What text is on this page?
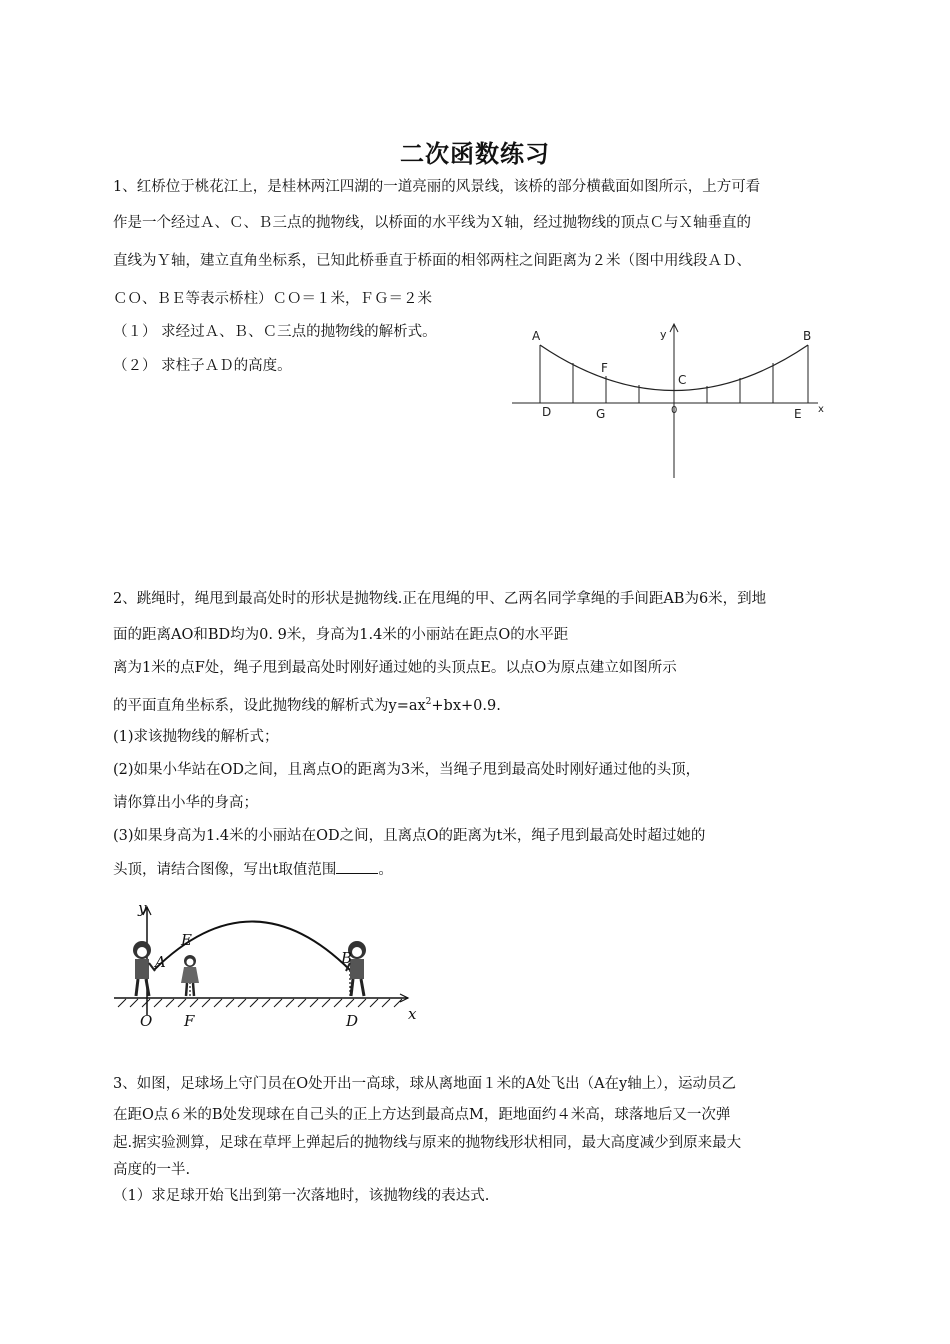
二次函数练习
1、红桥位于桃花江上，是桂林两江四湖的一道亮丽的风景线，该桥的部分横截面如图所示，上方可看
作是一个经过Ａ、Ｃ、Ｂ三点的抛物线，以桥面的水平线为Ｘ轴，经过抛物线的顶点Ｃ与Ｘ轴垂直的
直线为Ｙ轴，建立直角坐标系，已知此桥垂直于桥面的相邻两柱之间距离为２米（图中用线段ＡＤ、
ＣＯ、ＢＥ等表示桥柱）ＣＯ＝１米，ＦＧ＝２米
（１） 求经过Ａ、Ｂ、Ｃ三点的抛物线的解析式。
（２） 求柱子ＡＤ的高度。
A	B
C
F
D	G	E
0	x
y
2、跳绳时，绳甩到最高处时的形状是抛物线.正在甩绳的甲、乙两名同学拿绳的手间距AB为6米，到地
面的距离AO和BD均为0. 9米，身高为1.4米的小丽站在距点O的水平距
离为1米的点F处，绳子甩到最高处时刚好通过她的头顶点E。以点O为原点建立如图所示
的平面直角坐标系，设此抛物线的解析式为$y=ax^2+bx+0.9$.
(1)求该抛物线的解析式；
(2)如果小华站在OD之间，且离点O的距离为3米，当绳子甩到最高处时刚好通过他的头顶，
请你算出小华的身高；
(3)如果身高为1.4米的小丽站在OD之间，且离点O的距离为t米，绳子甩到最高处时超过她的
头顶，请结合图像，写出t取值范围	。
y
x
A	B
E
O F	D
3、如图，足球场上守门员在O处开出一高球，球从离地面１米的A处飞出（A在y轴上），运动员乙
在距O点６米的B处发现球在自己头的正上方达到最高点M，距地面约４米高，球落地后又一次弹
起.据实验测算，足球在草坪上弹起后的抛物线与原来的抛物线形状相同，最大高度减少到原来最大
高度的一半.
（1）求足球开始飞出到第一次落地时，该抛物线的表达式.
